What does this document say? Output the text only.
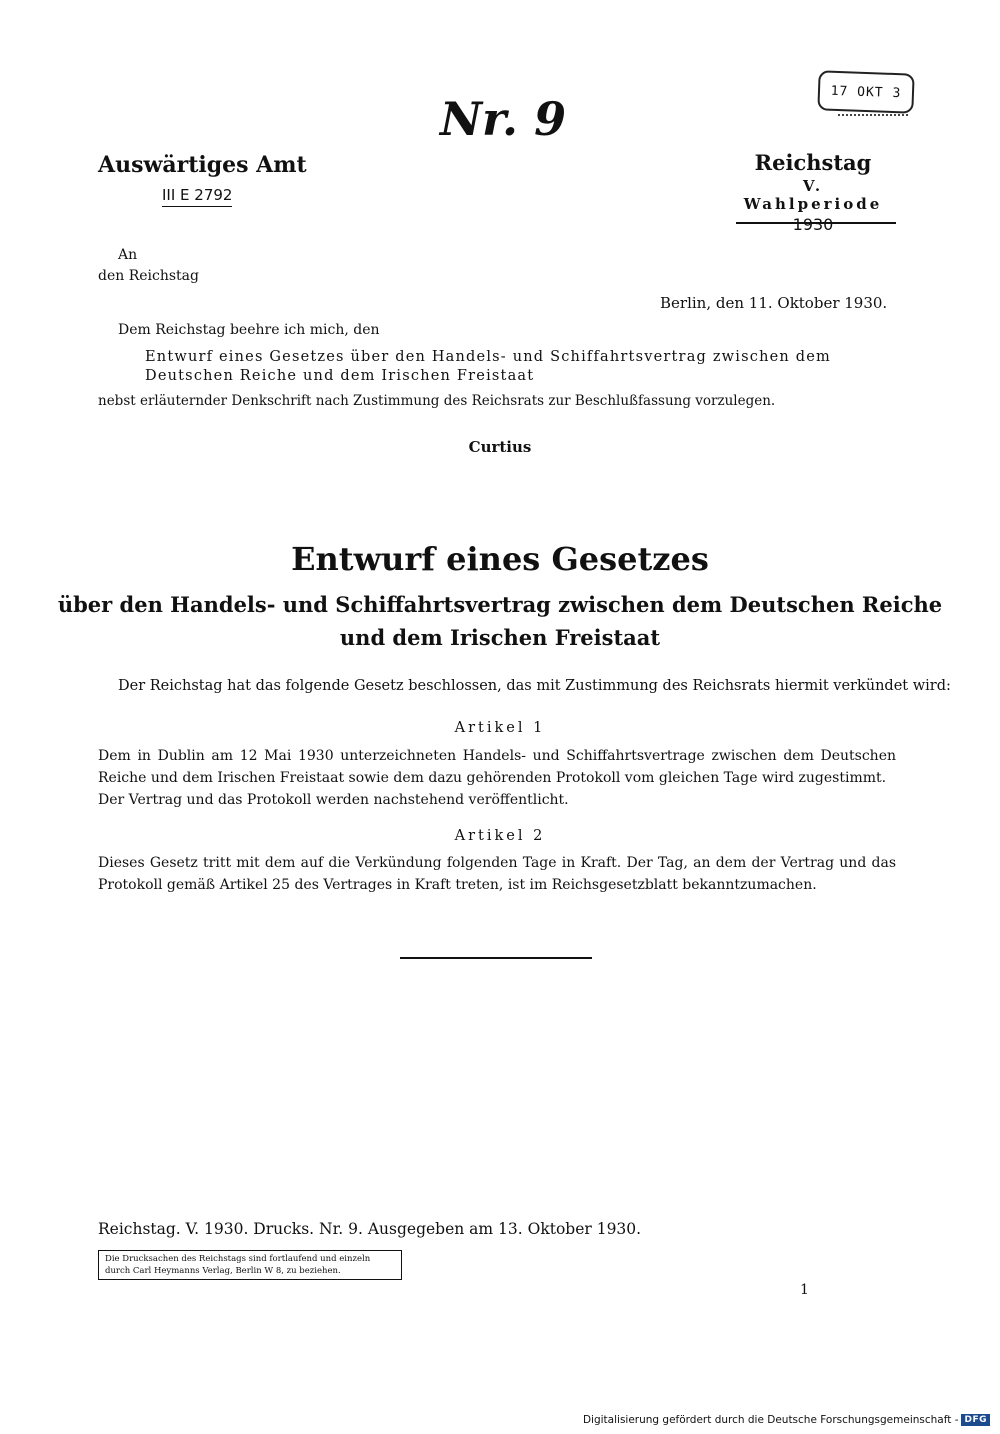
17 OKT 3
Nr. 9
Auswärtiges Amt
III E 2792
Reichstag
V. Wahlperiode
1930
An
den Reichstag
Berlin, den 11. Oktober 1930.
Dem Reichstag beehre ich mich, den
Entwurf eines Gesetzes über den Handels- und Schiffahrtsvertrag zwischen dem Deutschen Reiche und dem Irischen Freistaat
nebst erläuternder Denkschrift nach Zustimmung des Reichsrats zur Beschlußfassung vorzulegen.
Curtius
Entwurf eines Gesetzes
über den Handels- und Schiffahrtsvertrag zwischen dem Deutschen Reiche
und dem Irischen Freistaat
Der Reichstag hat das folgende Gesetz beschlossen, das mit Zustimmung des Reichsrats hiermit verkündet wird:
Artikel 1
Dem in Dublin am 12 Mai 1930 unterzeichneten Handels- und Schiffahrtsvertrage zwischen dem Deutschen Reiche und dem Irischen Freistaat sowie dem dazu gehörenden Protokoll vom gleichen Tage wird zugestimmt.
Der Vertrag und das Protokoll werden nachstehend veröffentlicht.
Artikel 2
Dieses Gesetz tritt mit dem auf die Verkündung folgenden Tage in Kraft. Der Tag, an dem der Vertrag und das Protokoll gemäß Artikel 25 des Vertrages in Kraft treten, ist im Reichsgesetzblatt bekanntzumachen.
Reichstag. V. 1930. Drucks. Nr. 9. Ausgegeben am 13. Oktober 1930.
Die Drucksachen des Reichstags sind fortlaufend und einzeln
durch Carl Heymanns Verlag, Berlin W 8, zu beziehen.
1
Digitalisierung gefördert durch die Deutsche Forschungsgemeinschaft - DFG
